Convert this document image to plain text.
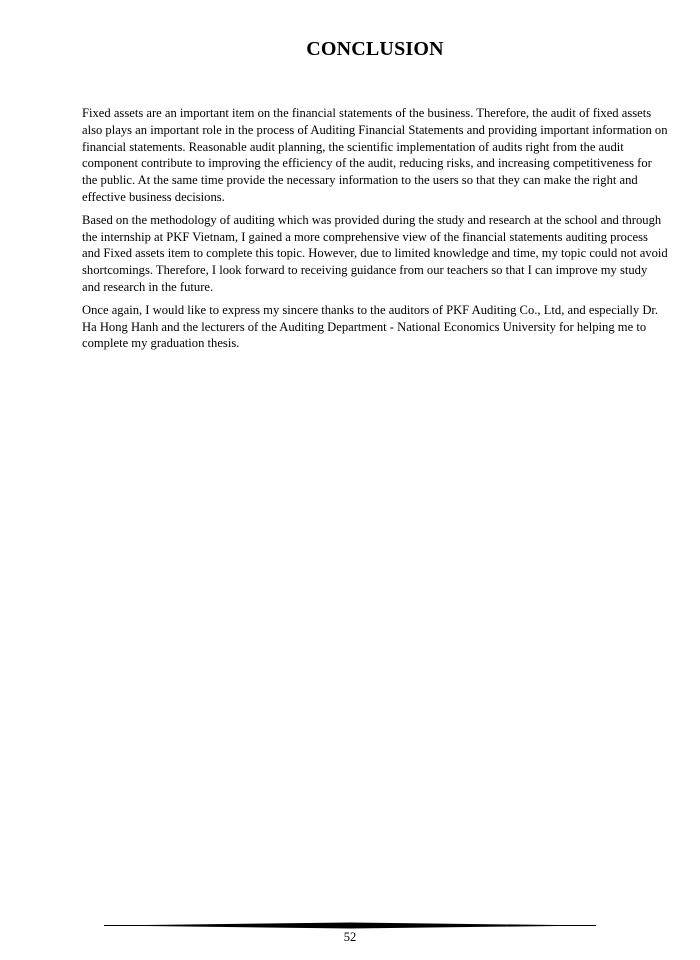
CONCLUSION

Fixed assets are an important item on the financial statements of the business. Therefore, the audit of fixed assets also plays an important role in the process of Auditing Financial Statements and providing important information on financial statements. Reasonable audit planning, the scientific implementation of audits right from the audit component contribute to improving the efficiency of the audit, reducing risks, and increasing competitiveness for the public. At the same time provide the necessary information to the users so that they can make the right and effective business decisions.

Based on the methodology of auditing which was provided during the study and research at the school and through the internship at PKF Vietnam, I gained a more comprehensive view of the financial statements auditing process and Fixed assets item to complete this topic. However, due to limited knowledge and time, my topic could not avoid shortcomings. Therefore, I look forward to receiving guidance from our teachers so that I can improve my study and research in the future.

Once again, I would like to express my sincere thanks to the auditors of PKF Auditing Co., Ltd, and especially Dr. Ha Hong Hanh and the lecturers of the Auditing Department - National Economics University for helping me to complete my graduation thesis.

52
